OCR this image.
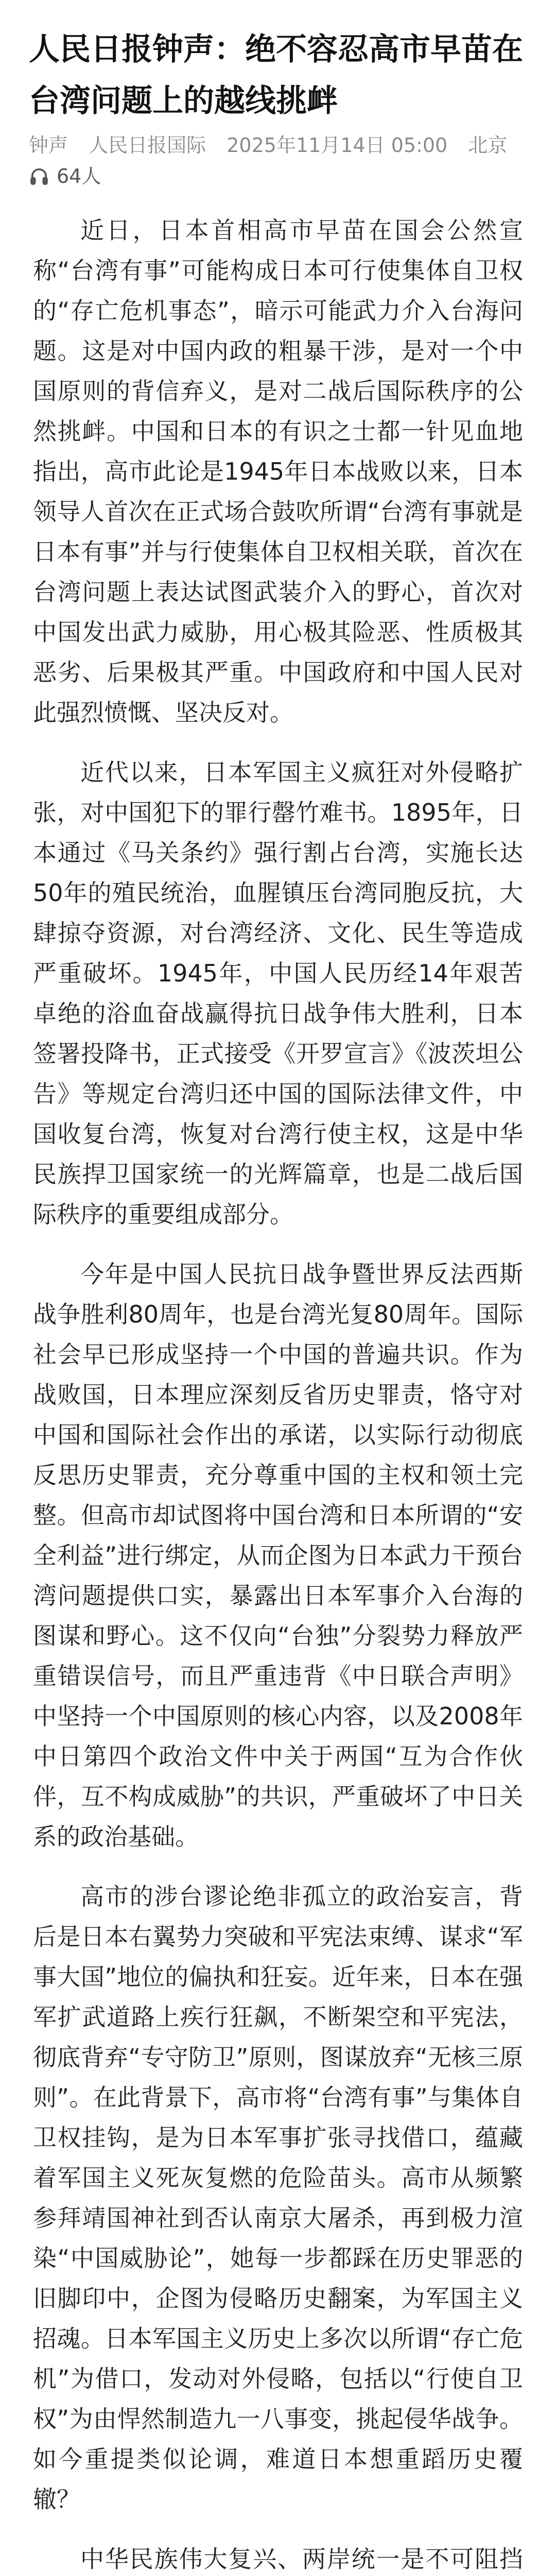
人民日报钟声：绝不容忍高市早苗在台湾问题上的越线挑衅
钟声 人民日报国际 2025年11月14日 05:00 北京
64人

近日，日本首相高市早苗在国会公然宣称“台湾有事”可能构成日本可行使集体自卫权的“存亡危机事态”，暗示可能武力介入台海问题。这是对中国内政的粗暴干涉，是对一个中国原则的背信弃义，是对二战后国际秩序的公然挑衅。中国和日本的有识之士都一针见血地指出，高市此论是1945年日本战败以来，日本领导人首次在正式场合鼓吹所谓“台湾有事就是日本有事”并与行使集体自卫权相关联，首次在台湾问题上表达试图武装介入的野心，首次对中国发出武力威胁，用心极其险恶、性质极其恶劣、后果极其严重。中国政府和中国人民对此强烈愤慨、坚决反对。

近代以来，日本军国主义疯狂对外侵略扩张，对中国犯下的罪行罄竹难书。1895年，日本通过《马关条约》强行割占台湾，实施长达50年的殖民统治，血腥镇压台湾同胞反抗，大肆掠夺资源，对台湾经济、文化、民生等造成严重破坏。1945年，中国人民历经14年艰苦卓绝的浴血奋战赢得抗日战争伟大胜利，日本签署投降书，正式接受《开罗宣言》《波茨坦公告》等规定台湾归还中国的国际法律文件，中国收复台湾，恢复对台湾行使主权，这是中华民族捍卫国家统一的光辉篇章，也是二战后国际秩序的重要组成部分。

今年是中国人民抗日战争暨世界反法西斯战争胜利80周年，也是台湾光复80周年。国际社会早已形成坚持一个中国的普遍共识。作为战败国，日本理应深刻反省历史罪责，恪守对中国和国际社会作出的承诺，以实际行动彻底反思历史罪责，充分尊重中国的主权和领土完整。但高市却试图将中国台湾和日本所谓的“安全利益”进行绑定，从而企图为日本武力干预台湾问题提供口实，暴露出日本军事介入台海的图谋和野心。这不仅向“台独”分裂势力释放严重错误信号，而且严重违背《中日联合声明》中坚持一个中国原则的核心内容，以及2008年中日第四个政治文件中关于两国“互为合作伙伴，互不构成威胁”的共识，严重破坏了中日关系的政治基础。

高市的涉台谬论绝非孤立的政治妄言，背后是日本右翼势力突破和平宪法束缚、谋求“军事大国”地位的偏执和狂妄。近年来，日本在强军扩武道路上疾行狂飙，不断架空和平宪法，彻底背弃“专守防卫”原则，图谋放弃“无核三原则”。在此背景下，高市将“台湾有事”与集体自卫权挂钩，是为日本军事扩张寻找借口，蕴藏着军国主义死灰复燃的危险苗头。高市从频繁参拜靖国神社到否认南京大屠杀，再到极力渲染“中国威胁论”，她每一步都踩在历史罪恶的旧脚印中，企图为侵略历史翻案，为军国主义招魂。日本军国主义历史上多次以所谓“存亡危机”为借口，发动对外侵略，包括以“行使自卫权”为由悍然制造九一八事变，挑起侵华战争。如今重提类似论调，难道日本想重蹈历史覆辙？

中华民族伟大复兴、两岸统一是不可阻挡
